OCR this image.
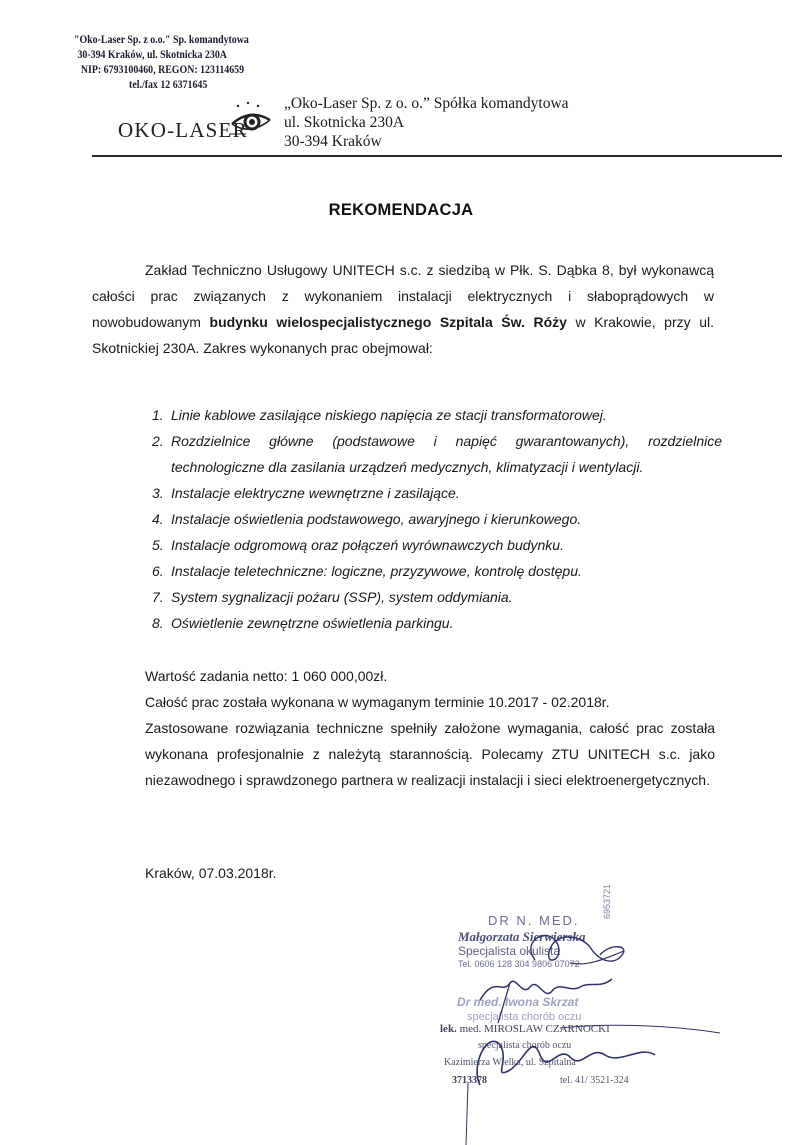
"Oko-Laser Sp. z o.o." Sp. komandytowa
30-394 Kraków, ul. Skotnicka 230A
NIP: 6793100460, REGON: 123114659
tel./fax 12 6371645
OKO-LASER
„Oko-Laser Sp. z o. o.” Spółka komandytowa
ul. Skotnicka 230A
30-394 Kraków
REKOMENDACJA
Zakład Techniczno Usługowy UNITECH s.c. z siedzibą w Płk. S. Dąbka 8, był wykonawcą całości prac związanych z wykonaniem instalacji elektrycznych i słaboprądowych w nowobudowanym budynku wielospecjalistycznego Szpitala Św. Róży w Krakowie, przy ul. Skotnickiej 230A. Zakres wykonanych prac obejmował:
1. Linie kablowe zasilające niskiego napięcia ze stacji transformatorowej.
2. Rozdzielnice główne (podstawowe i napięć gwarantowanych), rozdzielnice technologiczne dla zasilania urządzeń medycznych, klimatyzacji i wentylacji.
3. Instalacje elektryczne wewnętrzne i zasilające.
4. Instalacje oświetlenia podstawowego, awaryjnego i kierunkowego.
5. Instalacje odgromową oraz połączeń wyrównawczych budynku.
6. Instalacje teletechniczne: logiczne, przyzywowe, kontrolę dostępu.
7. System sygnalizacji pożaru (SSP), system oddymiania.
8. Oświetlenie zewnętrzne oświetlenia parkingu.
Wartość zadania netto: 1 060 000,00zł.
Całość prac została wykonana w wymaganym terminie 10.2017 - 02.2018r.
Zastosowane rozwiązania techniczne spełniły założone wymagania, całość prac została wykonana profesjonalnie z należytą starannością. Polecamy ZTU UNITECH s.c. jako niezawodnego i sprawdzonego partnera w realizacji instalacji i sieci elektroenergetycznych.
Kraków, 07.03.2018r.
DR N. MED.
Małgorzata Sierwierska
Specjalista okulista
Tel. 0606 128 304 9806 07072
6953721
Dr med. Iwona Skrzat
specjalista chorób oczu
lek. med. MIROSLAW CZARNOCKI
specjalista chorób oczu
Kazimierza Wielka, ul. Szpitalna
3713378	tel. 41/ 3521-324
